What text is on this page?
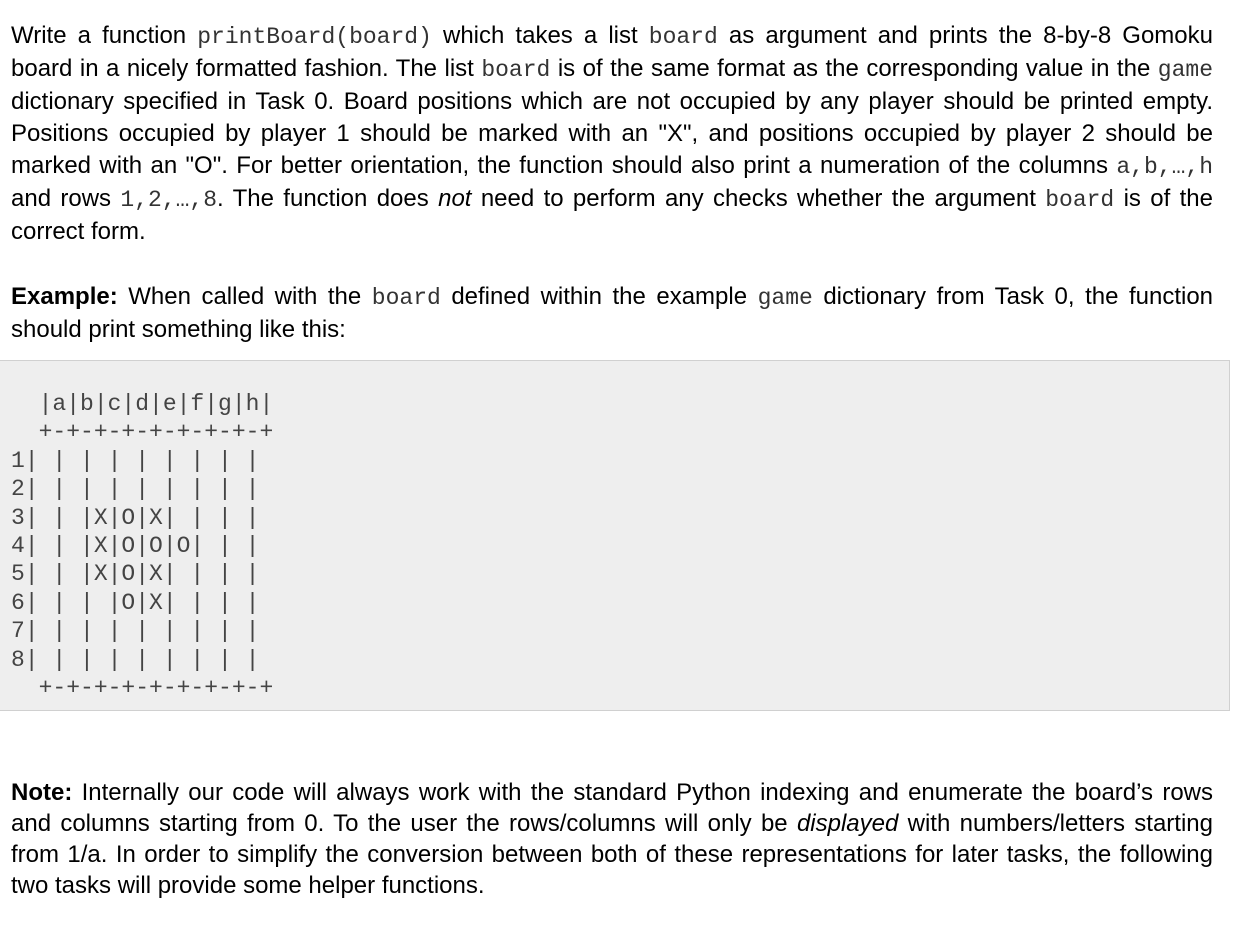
Write a function printBoard(board) which takes a list board as argument and prints the 8-by-8 Gomoku board in a nicely formatted fashion. The list board is of the same format as the corresponding value in the game dictionary specified in Task 0. Board positions which are not occupied by any player should be printed empty. Positions occupied by player 1 should be marked with an "X", and positions occupied by player 2 should be marked with an "O". For better orientation, the function should also print a numeration of the columns a,b,…,h and rows 1,2,…,8. The function does not need to perform any checks whether the argument board is of the correct form.

Example: When called with the board defined within the example game dictionary from Task 0, the function should print something like this:

|a|b|c|d|e|f|g|h|
+-+-+-+-+-+-+-+-+
1| | | | | | | | |
2| | | | | | | | |
3| | |X|O|X| | | |
4| | |X|O|O|O| | |
5| | |X|O|X| | | |
6| | | |O|X| | | |
7| | | | | | | | |
8| | | | | | | | |
+-+-+-+-+-+-+-+-+

Note: Internally our code will always work with the standard Python indexing and enumerate the board’s rows and columns starting from 0. To the user the rows/columns will only be displayed with numbers/letters starting from 1/a. In order to simplify the conversion between both of these representations for later tasks, the following two tasks will provide some helper functions.
